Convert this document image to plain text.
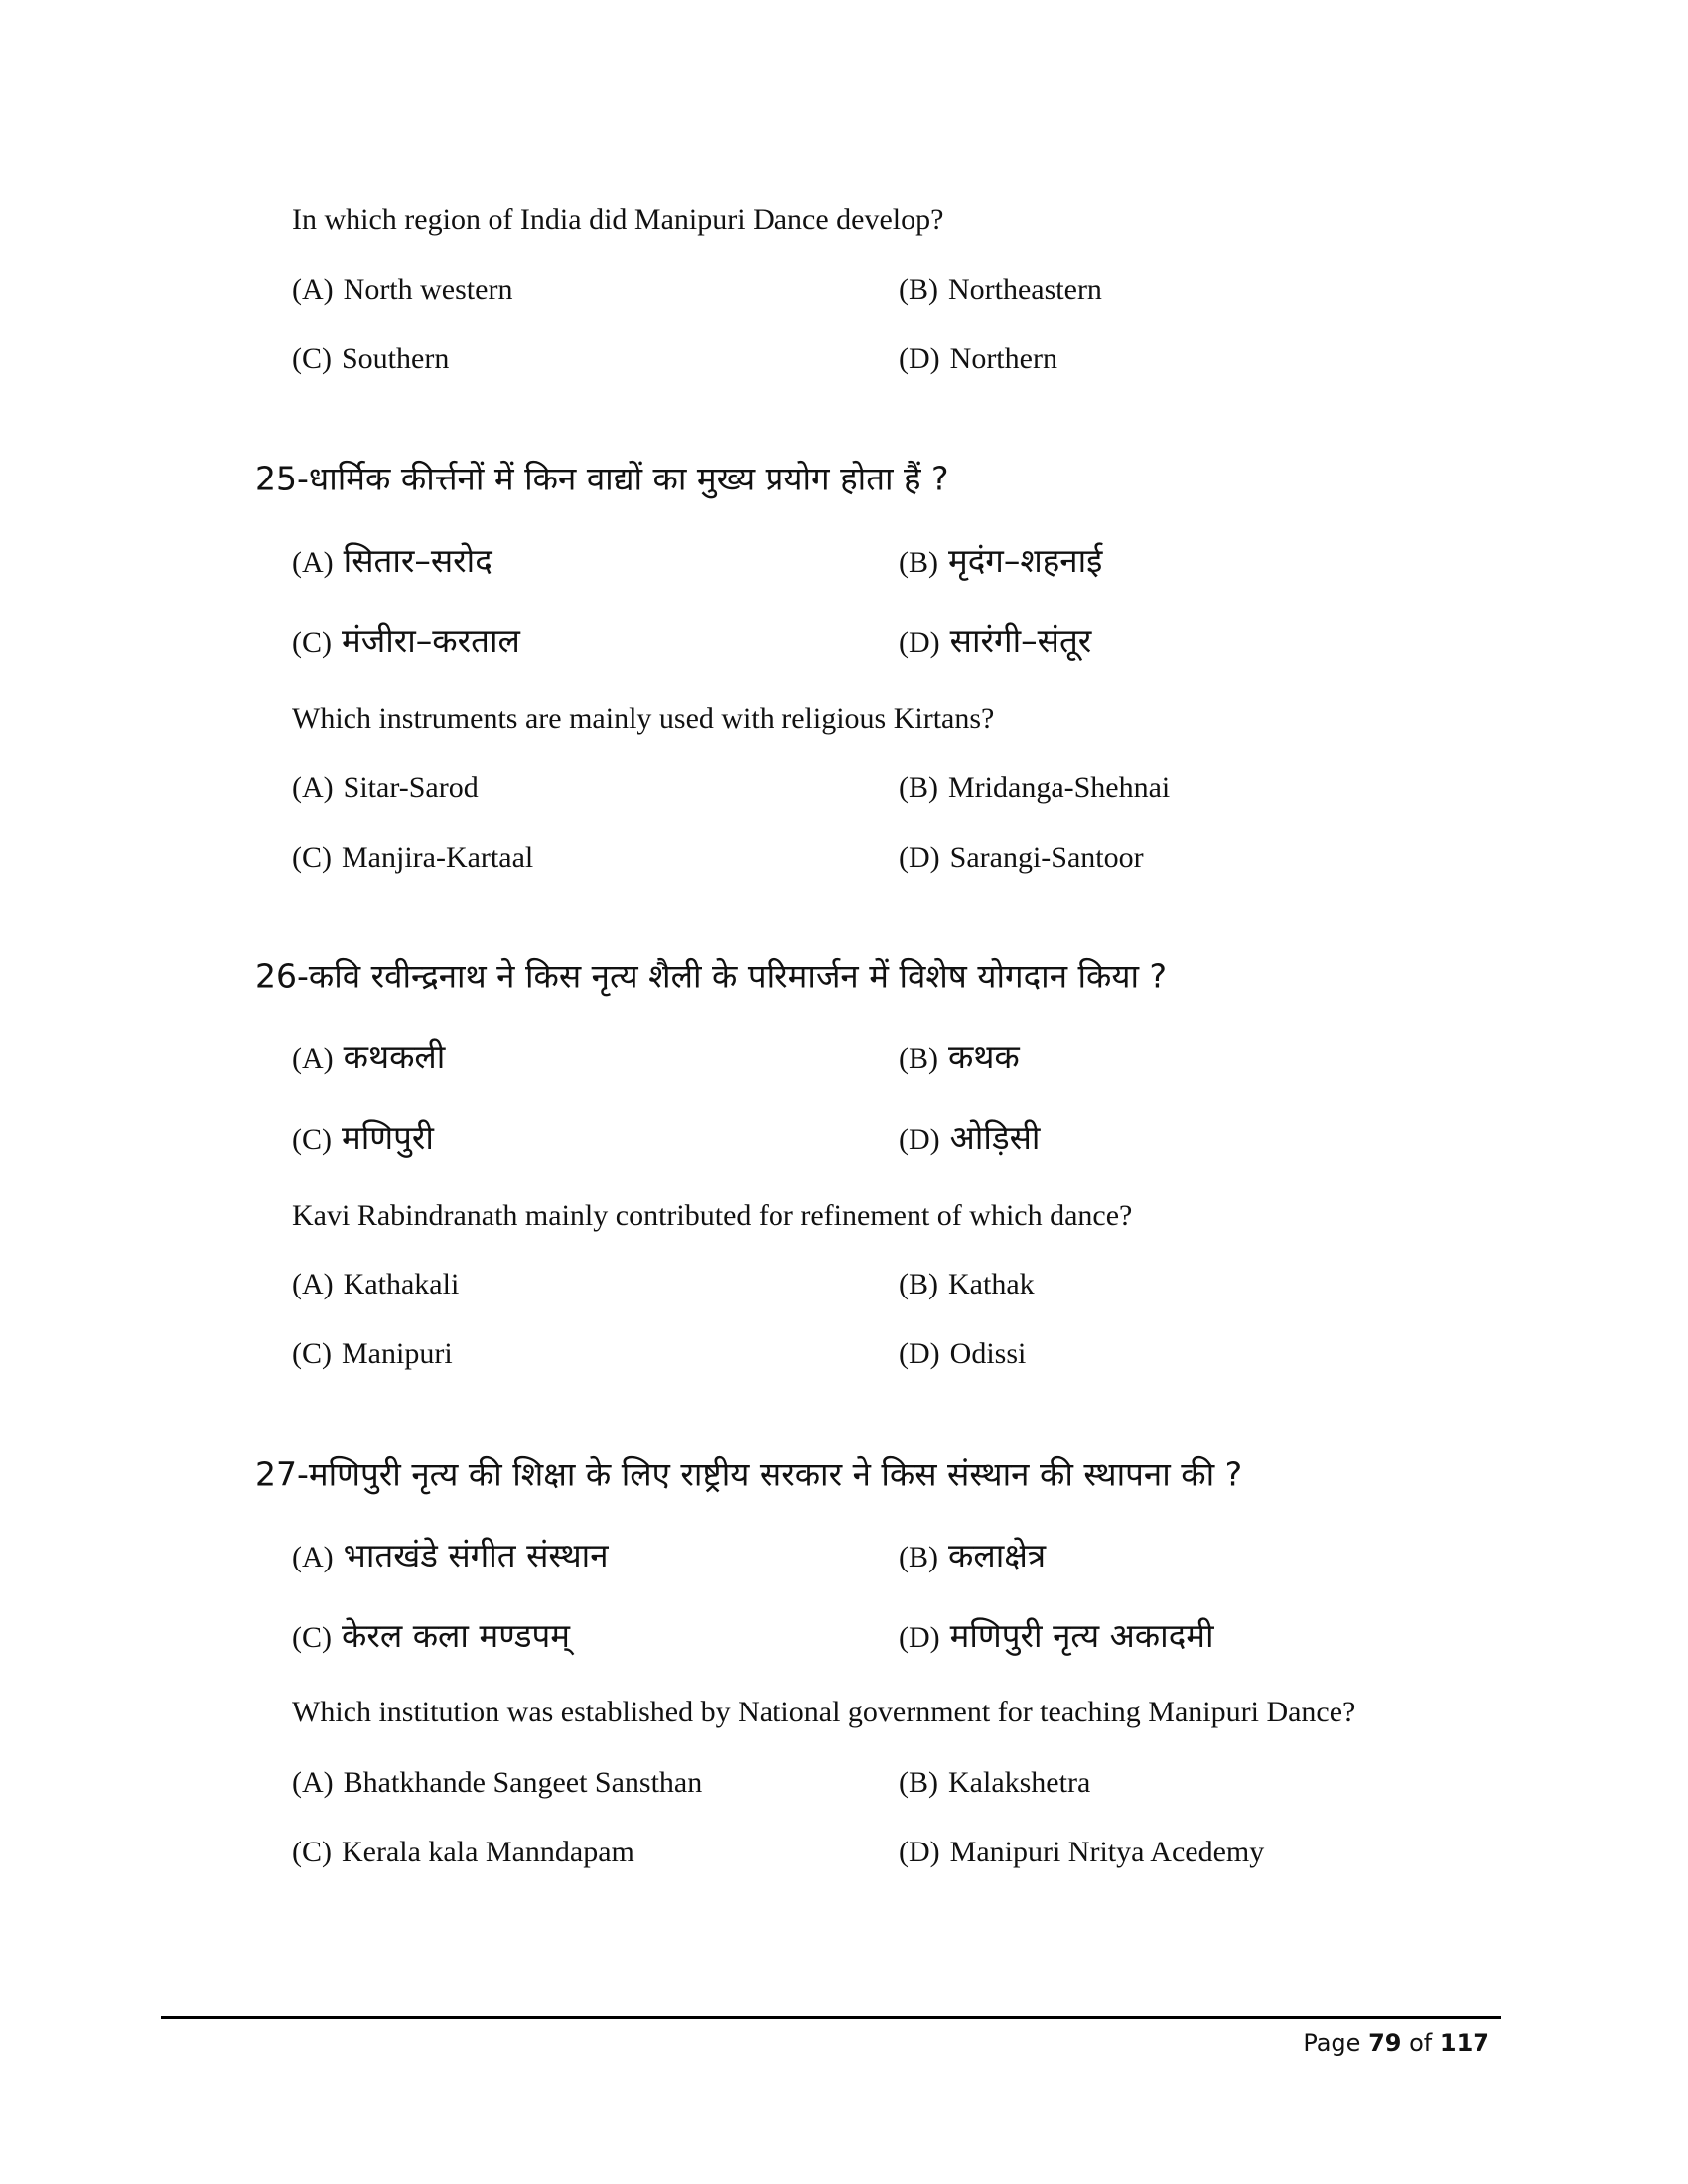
In which region of India did Manipuri Dance develop?
(A) North western	(B) Northeastern
(C) Southern	(D) Northern
25-धार्मिक कीर्त्तनों में किन वाद्यों का मुख्य प्रयोग होता हैं ?
(A) सितार–सरोद	(B) मृदंग–शहनाई
(C) मंजीरा–करताल	(D) सारंगी–संतूर
Which instruments are mainly used with religious Kirtans?
(A) Sitar-Sarod	(B) Mridanga-Shehnai
(C) Manjira-Kartaal	(D) Sarangi-Santoor
26-कवि रवीन्द्रनाथ ने किस नृत्य शैली के परिमार्जन में विशेष योगदान किया ?
(A) कथकली	(B) कथक
(C) मणिपुरी	(D) ओड़िसी
Kavi Rabindranath mainly contributed for refinement of which dance?
(A) Kathakali	(B) Kathak
(C) Manipuri	(D) Odissi
27-मणिपुरी नृत्य की शिक्षा के लिए राष्ट्रीय सरकार ने किस संस्थान की स्थापना की ?
(A) भातखंडे संगीत संस्थान	(B) कलाक्षेत्र
(C) केरल कला मण्डपम्	(D) मणिपुरी नृत्य अकादमी
Which institution was established by National government for teaching Manipuri Dance?
(A) Bhatkhande Sangeet Sansthan	(B) Kalakshetra
(C) Kerala kala Manndapam	(D) Manipuri Nritya Acedemy
Page 79 of 117
